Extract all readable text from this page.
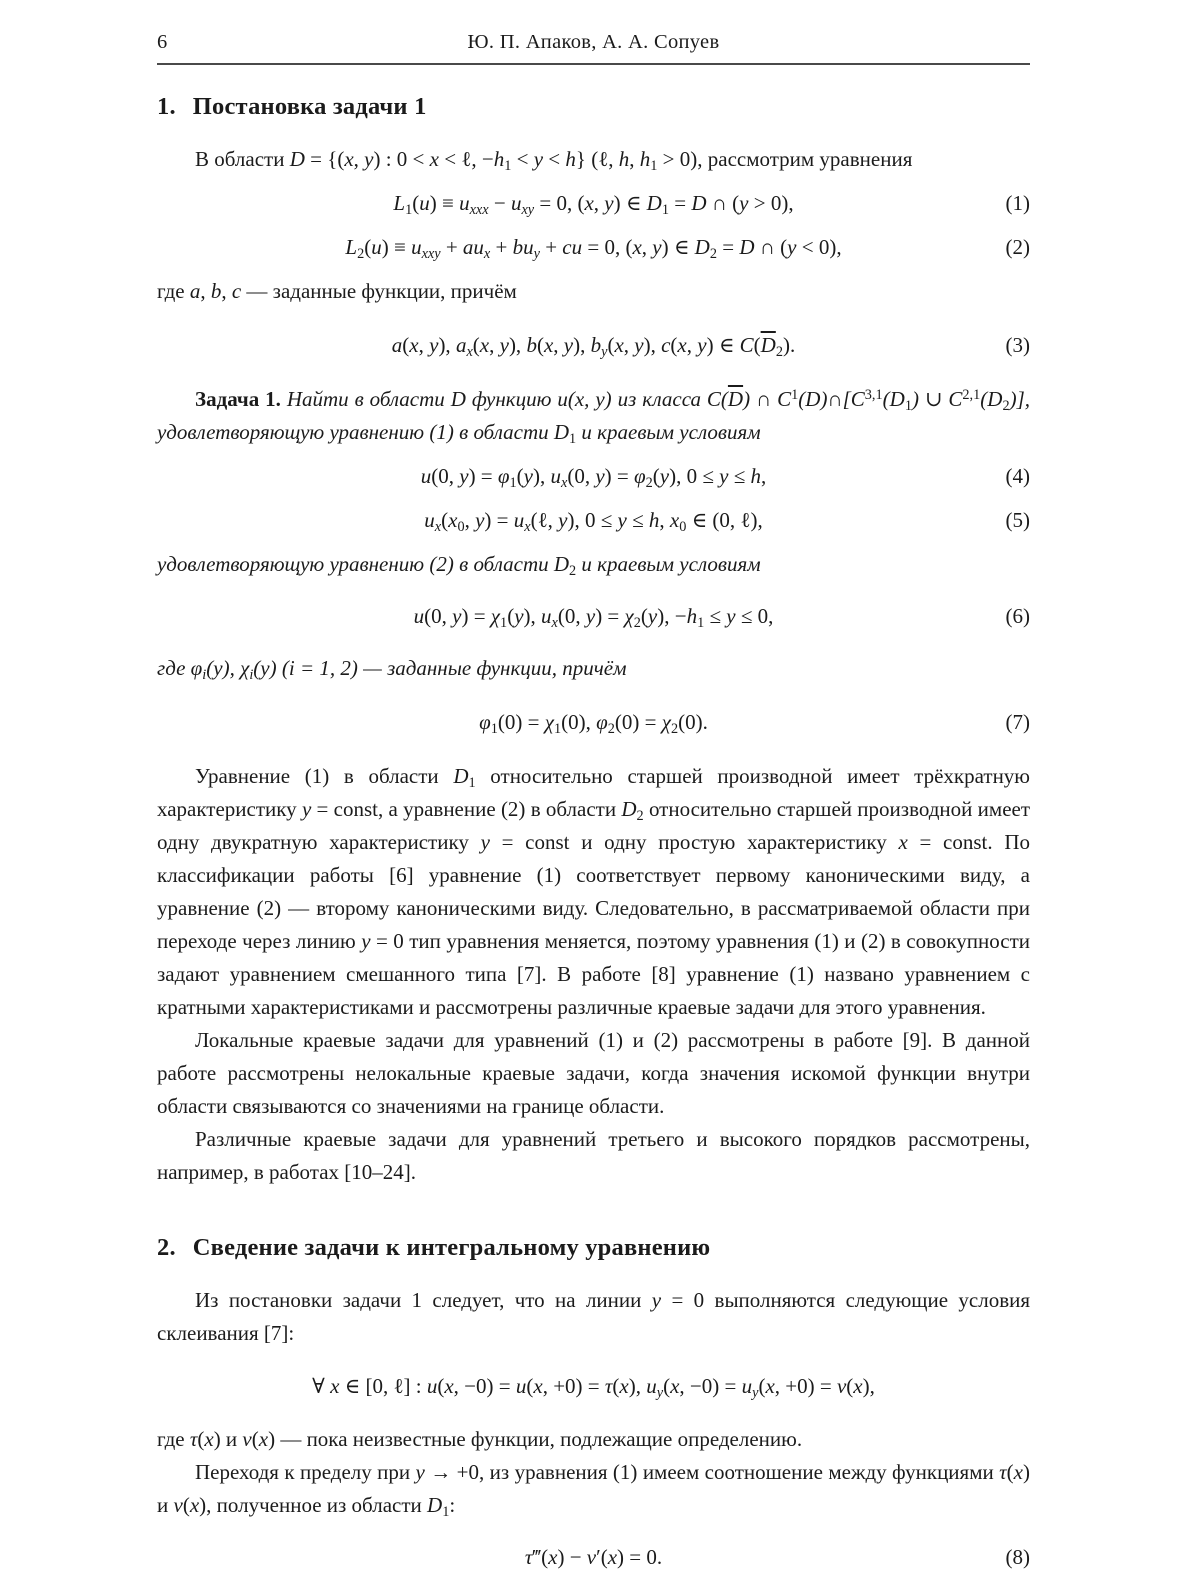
6	Ю. П. Апаков, А. А. Сопуев
1. Постановка задачи 1

В области D = {(x, y) : 0 < x < ℓ, $-h_1 < y < h$} (ℓ, h, $h_1 > 0$), рассмотрим уравнения

$L_1(u) \equiv u_{xxx} - u_{xy} = 0$, (x, y) ∈ $D_1 = D$ ∩ (y > 0),	(1)
$L_2(u) \equiv u_{xxy} + au_x + bu_y$ + cu = 0, (x, y) ∈ $D_2 = D$ ∩ (y < 0),	(2)

где a, b, c — заданные функции, причём

a(x, y), $a_x(x$, y), b(x, y), $b_y(x$, y), c(x, y) ∈ $C(\overline{D}_2)$.	(3)

Задача 1. Найти в области D функцию u(x, y) из класса $C(\overline{D})$ ∩ $C^1(D)\cap[C^{3,1}(D_1)$ ∪ $C^{2,1}(D_2)$], удовлетворяющую уравнению (1) в области $D_1$ и краевым условиям

u(0, $y) = \varphi_1(y)$, $u_x(0$, $y) = \varphi_2(y)$, 0 ≤ y ≤ h,	(4)
$u_x(x_0$, $y) = u_x(\ell$, y), 0 ≤ y ≤ h, $x_0$ ∈ (0, ℓ),	(5)

удовлетворяющую уравнению (2) в области $D_2$ и краевым условиям

u(0, $y) = \chi_1(y)$, $u_x(0$, $y) = \chi_2(y)$, $-h_1 \le y \le 0$,	(6)

где $\varphi_i(y)$, $\chi_i(y) (i = 1$, 2) — заданные функции, причём

$\varphi_1(0) = \chi_1(0)$, $\varphi_2(0) = \chi_2(0)$.	(7)

Уравнение (1) в области $D_1$ относительно старшей производной имеет трёхкратную характеристику y = const, а уравнение (2) в области $D_2$ относительно старшей производной имеет одну двукратную характеристику y = const и одну простую характеристику x = const. По классификации работы [6] уравнение (1) соответствует первому каноническими виду, а уравнение (2) — второму каноническими виду. Следовательно, в рассматриваемой области при переходе через линию y = 0 тип уравнения меняется, поэтому уравнения (1) и (2) в совокупности задают уравнением смешанного типа [7]. В работе [8] уравнение (1) названо уравнением с кратными характеристиками и рассмотрены различные краевые задачи для этого уравнения.

Локальные краевые задачи для уравнений (1) и (2) рассмотрены в работе [9]. В данной работе рассмотрены нелокальные краевые задачи, когда значения искомой функции внутри области связываются со значениями на границе области.

Различные краевые задачи для уравнений третьего и высокого порядков рассмотрены, например, в работах [10–24].

2. Сведение задачи к интегральному уравнению

Из постановки задачи 1 следует, что на линии y = 0 выполняются следующие условия склеивания [7]:

∀ x ∈ [0, ℓ] : u(x, −0) = u(x, +0) = τ(x), $u_y(x$, $-0) = u_y(x$, +0) = ν(x),

где τ(x) и ν(x) — пока неизвестные функции, подлежащие определению.

Переходя к пределу при y → +0, из уравнения (1) имеем соотношение между функциями τ(x) и ν(x), полученное из области $D_1$:

τ‴(x) − ν′(x) = 0.	(8)
